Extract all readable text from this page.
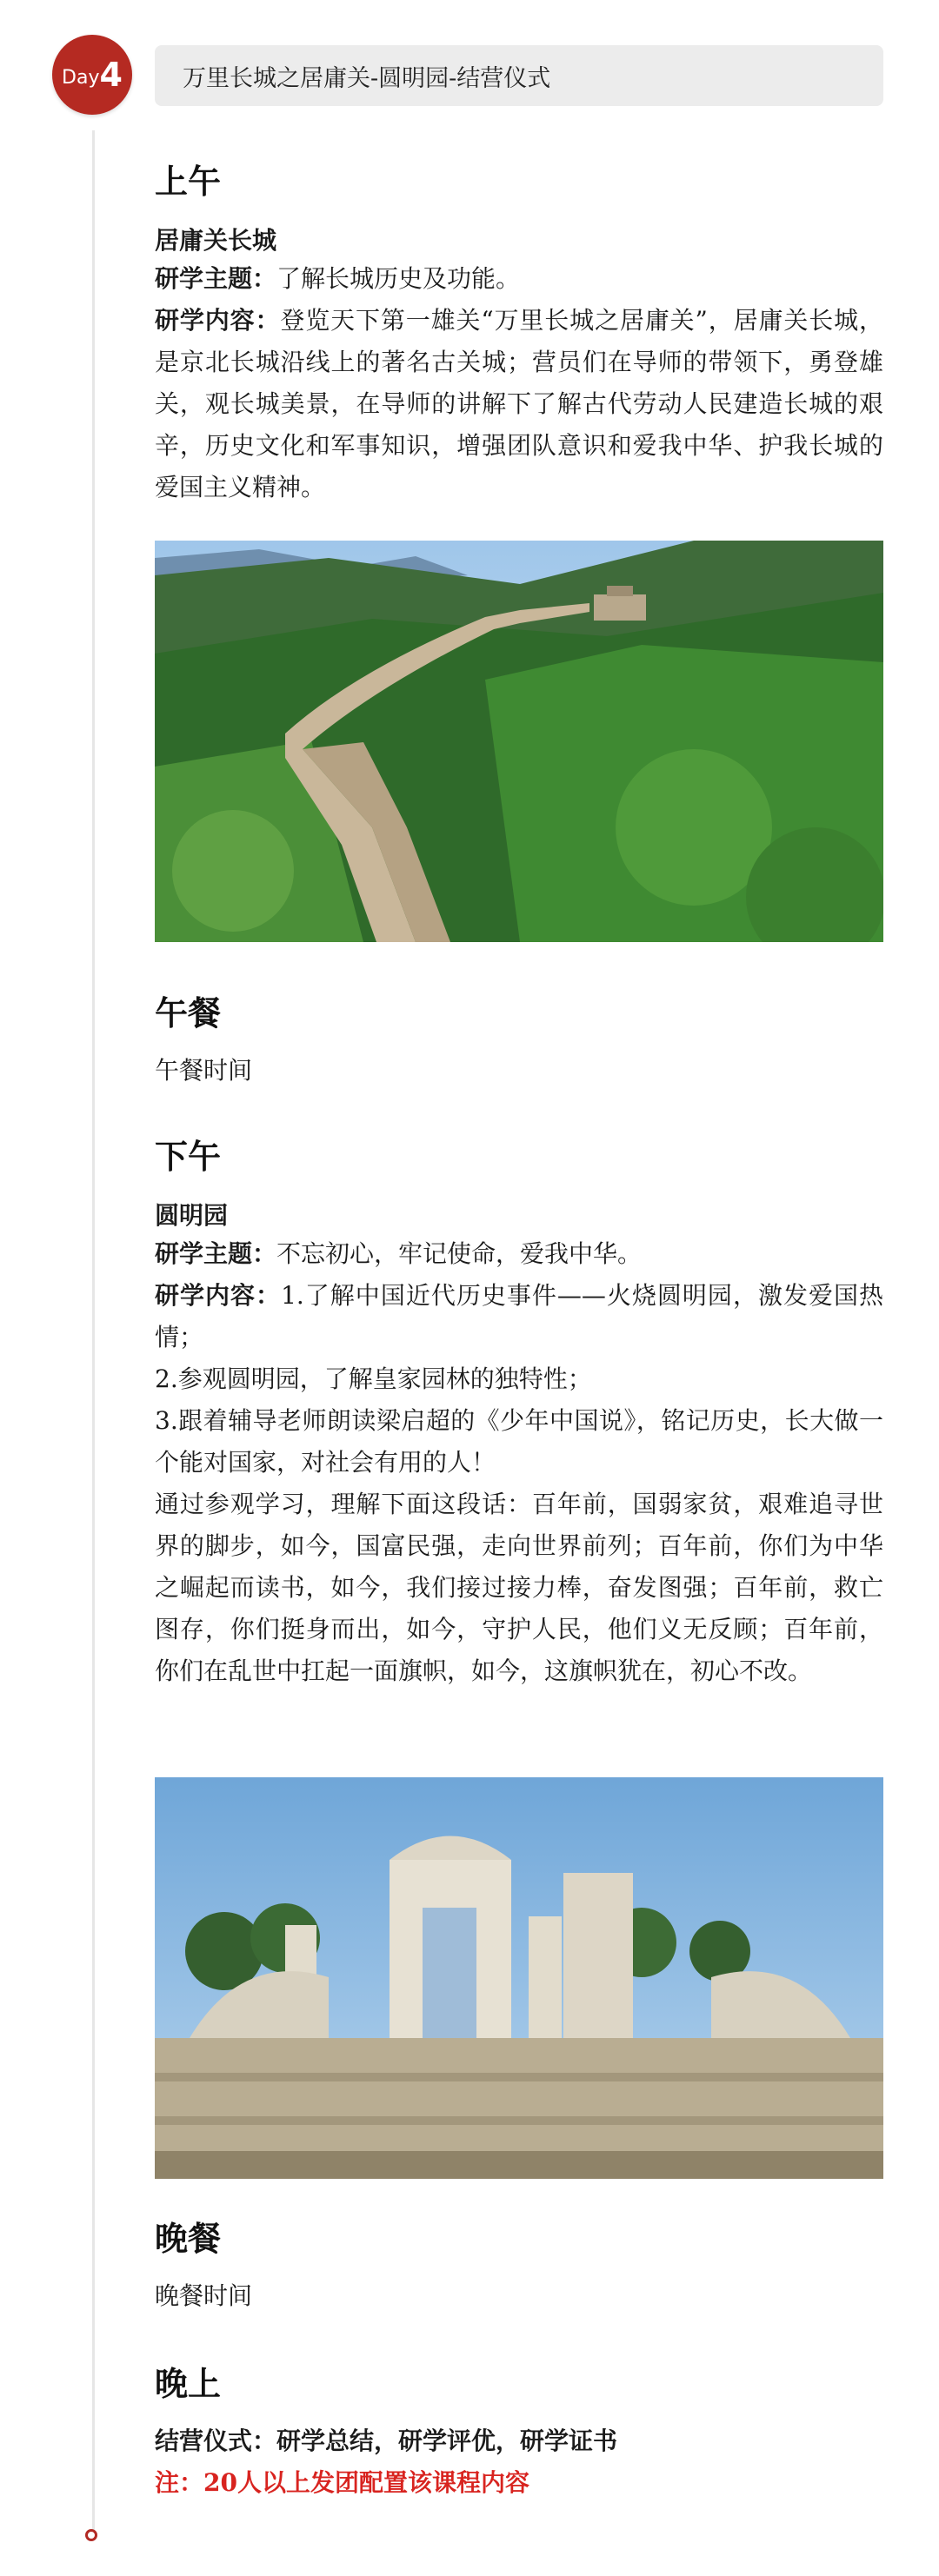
Day 4	万里长城之居庸关-圆明园-结营仪式
上午
居庸关长城

研学主题：了解长城历史及功能。

研学内容：登览天下第一雄关“万里长城之居庸关”，居庸关长城，是京北长城沿线上的著名古关城；营员们在导师的带领下，勇登雄关，观长城美景，在导师的讲解下了解古代劳动人民建造长城的艰辛，历史文化和军事知识，增强团队意识和爱我中华、护我长城的爱国主义精神。

午餐

午餐时间

下午
圆明园

研学主题：不忘初心，牢记使命，爱我中华。

研学内容：1.了解中国近代历史事件——火烧圆明园，激发爱国热情；

2.参观圆明园，了解皇家园林的独特性；

3.跟着辅导老师朗读梁启超的《少年中国说》，铭记历史，长大做一个能对国家，对社会有用的人！

通过参观学习，理解下面这段话：百年前，国弱家贫，艰难追寻世界的脚步，如今，国富民强，走向世界前列；百年前，你们为中华之崛起而读书，如今，我们接过接力棒，奋发图强；百年前，救亡图存，你们挺身而出，如今，守护人民，他们义无反顾；百年前，你们在乱世中扛起一面旗帜，如今，这旗帜犹在，初心不改。

晚餐

晚餐时间

晚上

结营仪式：研学总结，研学评优，研学证书

注：20人以上发团配置该课程内容
